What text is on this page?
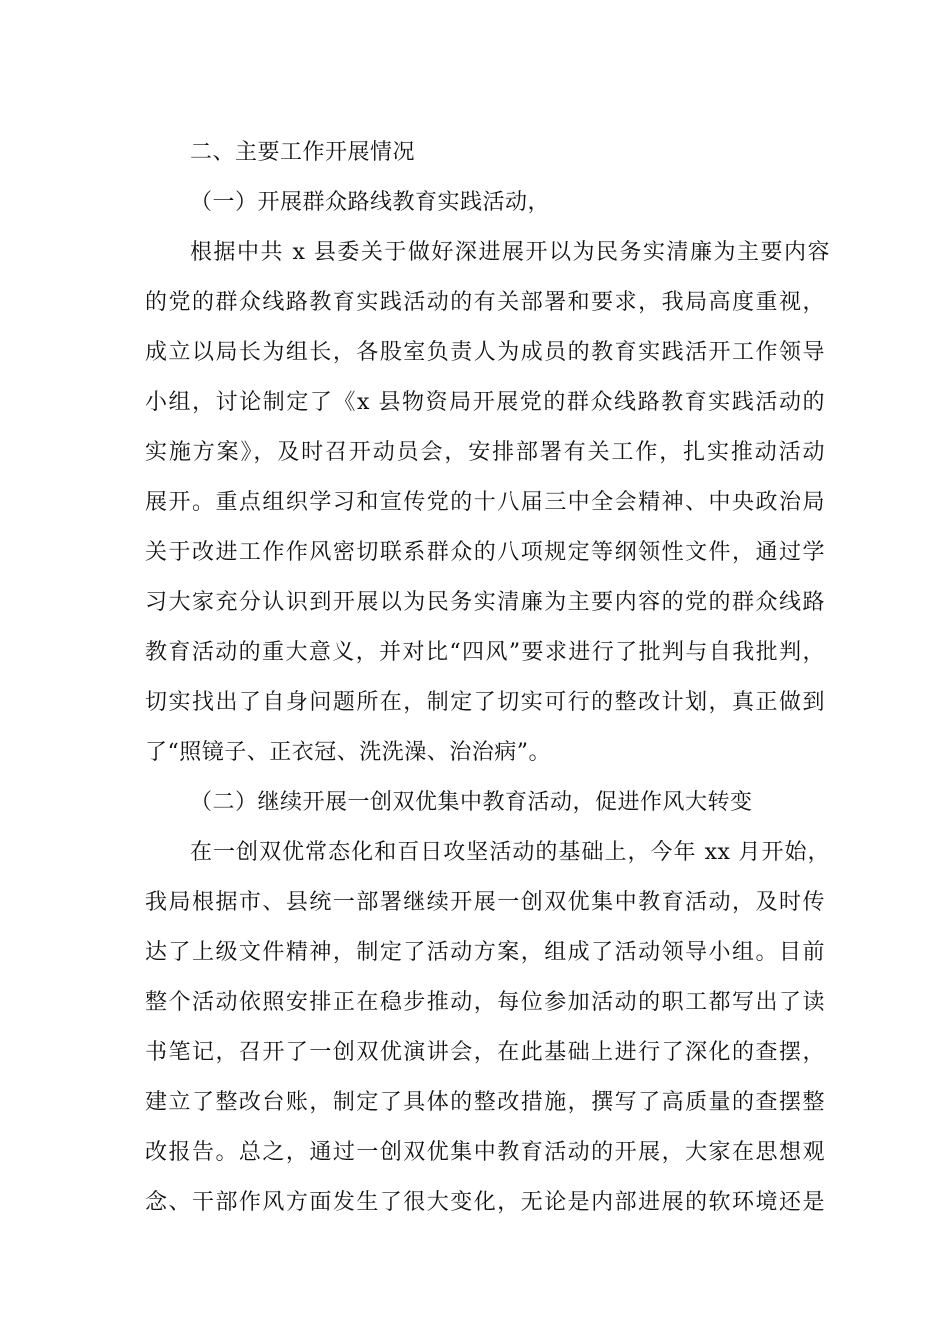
二、主要工作开展情况
（一）开展群众路线教育实践活动，
根据中共 x 县委关于做好深进展开以为民务实清廉为主要内容
的党的群众线路教育实践活动的有关部署和要求，我局高度重视，
成立以局长为组长，各股室负责人为成员的教育实践活开工作领导
小组，讨论制定了《x 县物资局开展党的群众线路教育实践活动的
实施方案》，及时召开动员会，安排部署有关工作，扎实推动活动
展开。重点组织学习和宣传党的十八届三中全会精神、中央政治局
关于改进工作作风密切联系群众的八项规定等纲领性文件，通过学
习大家充分认识到开展以为民务实清廉为主要内容的党的群众线路
教育活动的重大意义，并对比“四风”要求进行了批判与自我批判，
切实找出了自身问题所在，制定了切实可行的整改计划，真正做到
了“照镜子、正衣冠、洗洗澡、治治病”。
（二）继续开展一创双优集中教育活动，促进作风大转变
在一创双优常态化和百日攻坚活动的基础上，今年 xx 月开始，
我局根据市、县统一部署继续开展一创双优集中教育活动，及时传
达了上级文件精神，制定了活动方案，组成了活动领导小组。目前
整个活动依照安排正在稳步推动，每位参加活动的职工都写出了读
书笔记，召开了一创双优演讲会，在此基础上进行了深化的查摆，
建立了整改台账，制定了具体的整改措施，撰写了高质量的查摆整
改报告。总之，通过一创双优集中教育活动的开展，大家在思想观
念、干部作风方面发生了很大变化，无论是内部进展的软环境还是
